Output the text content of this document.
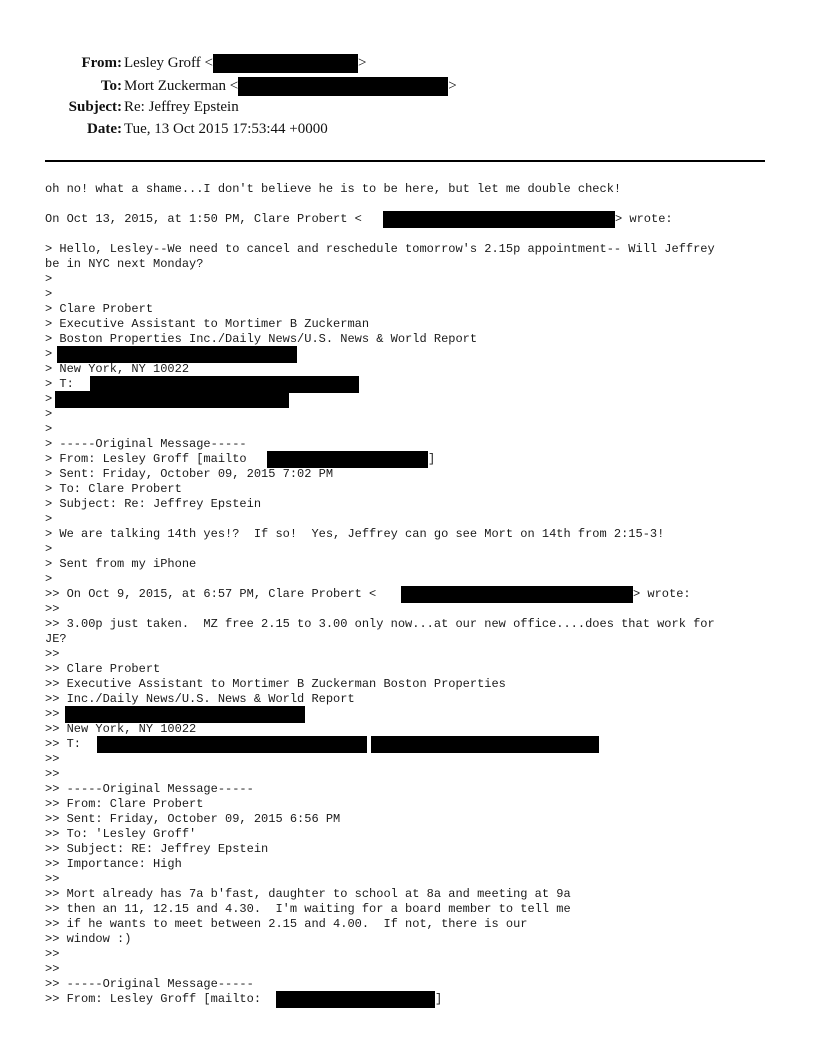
From: Lesley Groff <	>
To: Mort Zuckerman <	>
Subject: Re: Jeffrey Epstein
Date: Tue, 13 Oct 2015 17:53:44 +0000
oh no! what a shame...I don't believe he is to be here, but let me double check!
On Oct 13, 2015, at 1:50 PM, Clare Probert <	> wrote:
> Hello, Lesley--We need to cancel and reschedule tomorrow's 2.15p appointment-- Will Jeffrey
be in NYC next Monday?
>
>
> Clare Probert
> Executive Assistant to Mortimer B Zuckerman
> Boston Properties Inc./Daily News/U.S. News & World Report
>
> New York, NY 10022
> T:
>
>
>
> -----Original Message-----
> From: Lesley Groff [mailto	]
> Sent: Friday, October 09, 2015 7:02 PM
> To: Clare Probert
> Subject: Re: Jeffrey Epstein
>
> We are talking 14th yes!?  If so!  Yes, Jeffrey can go see Mort on 14th from 2:15-3!
>
> Sent from my iPhone
>
>> On Oct 9, 2015, at 6:57 PM, Clare Probert <	> wrote:
>>
>> 3.00p just taken.  MZ free 2.15 to 3.00 only now...at our new office....does that work for
JE?
>>
>> Clare Probert
>> Executive Assistant to Mortimer B Zuckerman Boston Properties
>> Inc./Daily News/U.S. News & World Report
>>
>> New York, NY 10022
>> T:
>>
>>
>> -----Original Message-----
>> From: Clare Probert
>> Sent: Friday, October 09, 2015 6:56 PM
>> To: 'Lesley Groff'
>> Subject: RE: Jeffrey Epstein
>> Importance: High
>>
>> Mort already has 7a b'fast, daughter to school at 8a and meeting at 9a
>> then an 11, 12.15 and 4.30.  I'm waiting for a board member to tell me
>> if he wants to meet between 2.15 and 4.00.  If not, there is our
>> window :)
>>
>>
>> -----Original Message-----
>> From: Lesley Groff [mailto:	]
